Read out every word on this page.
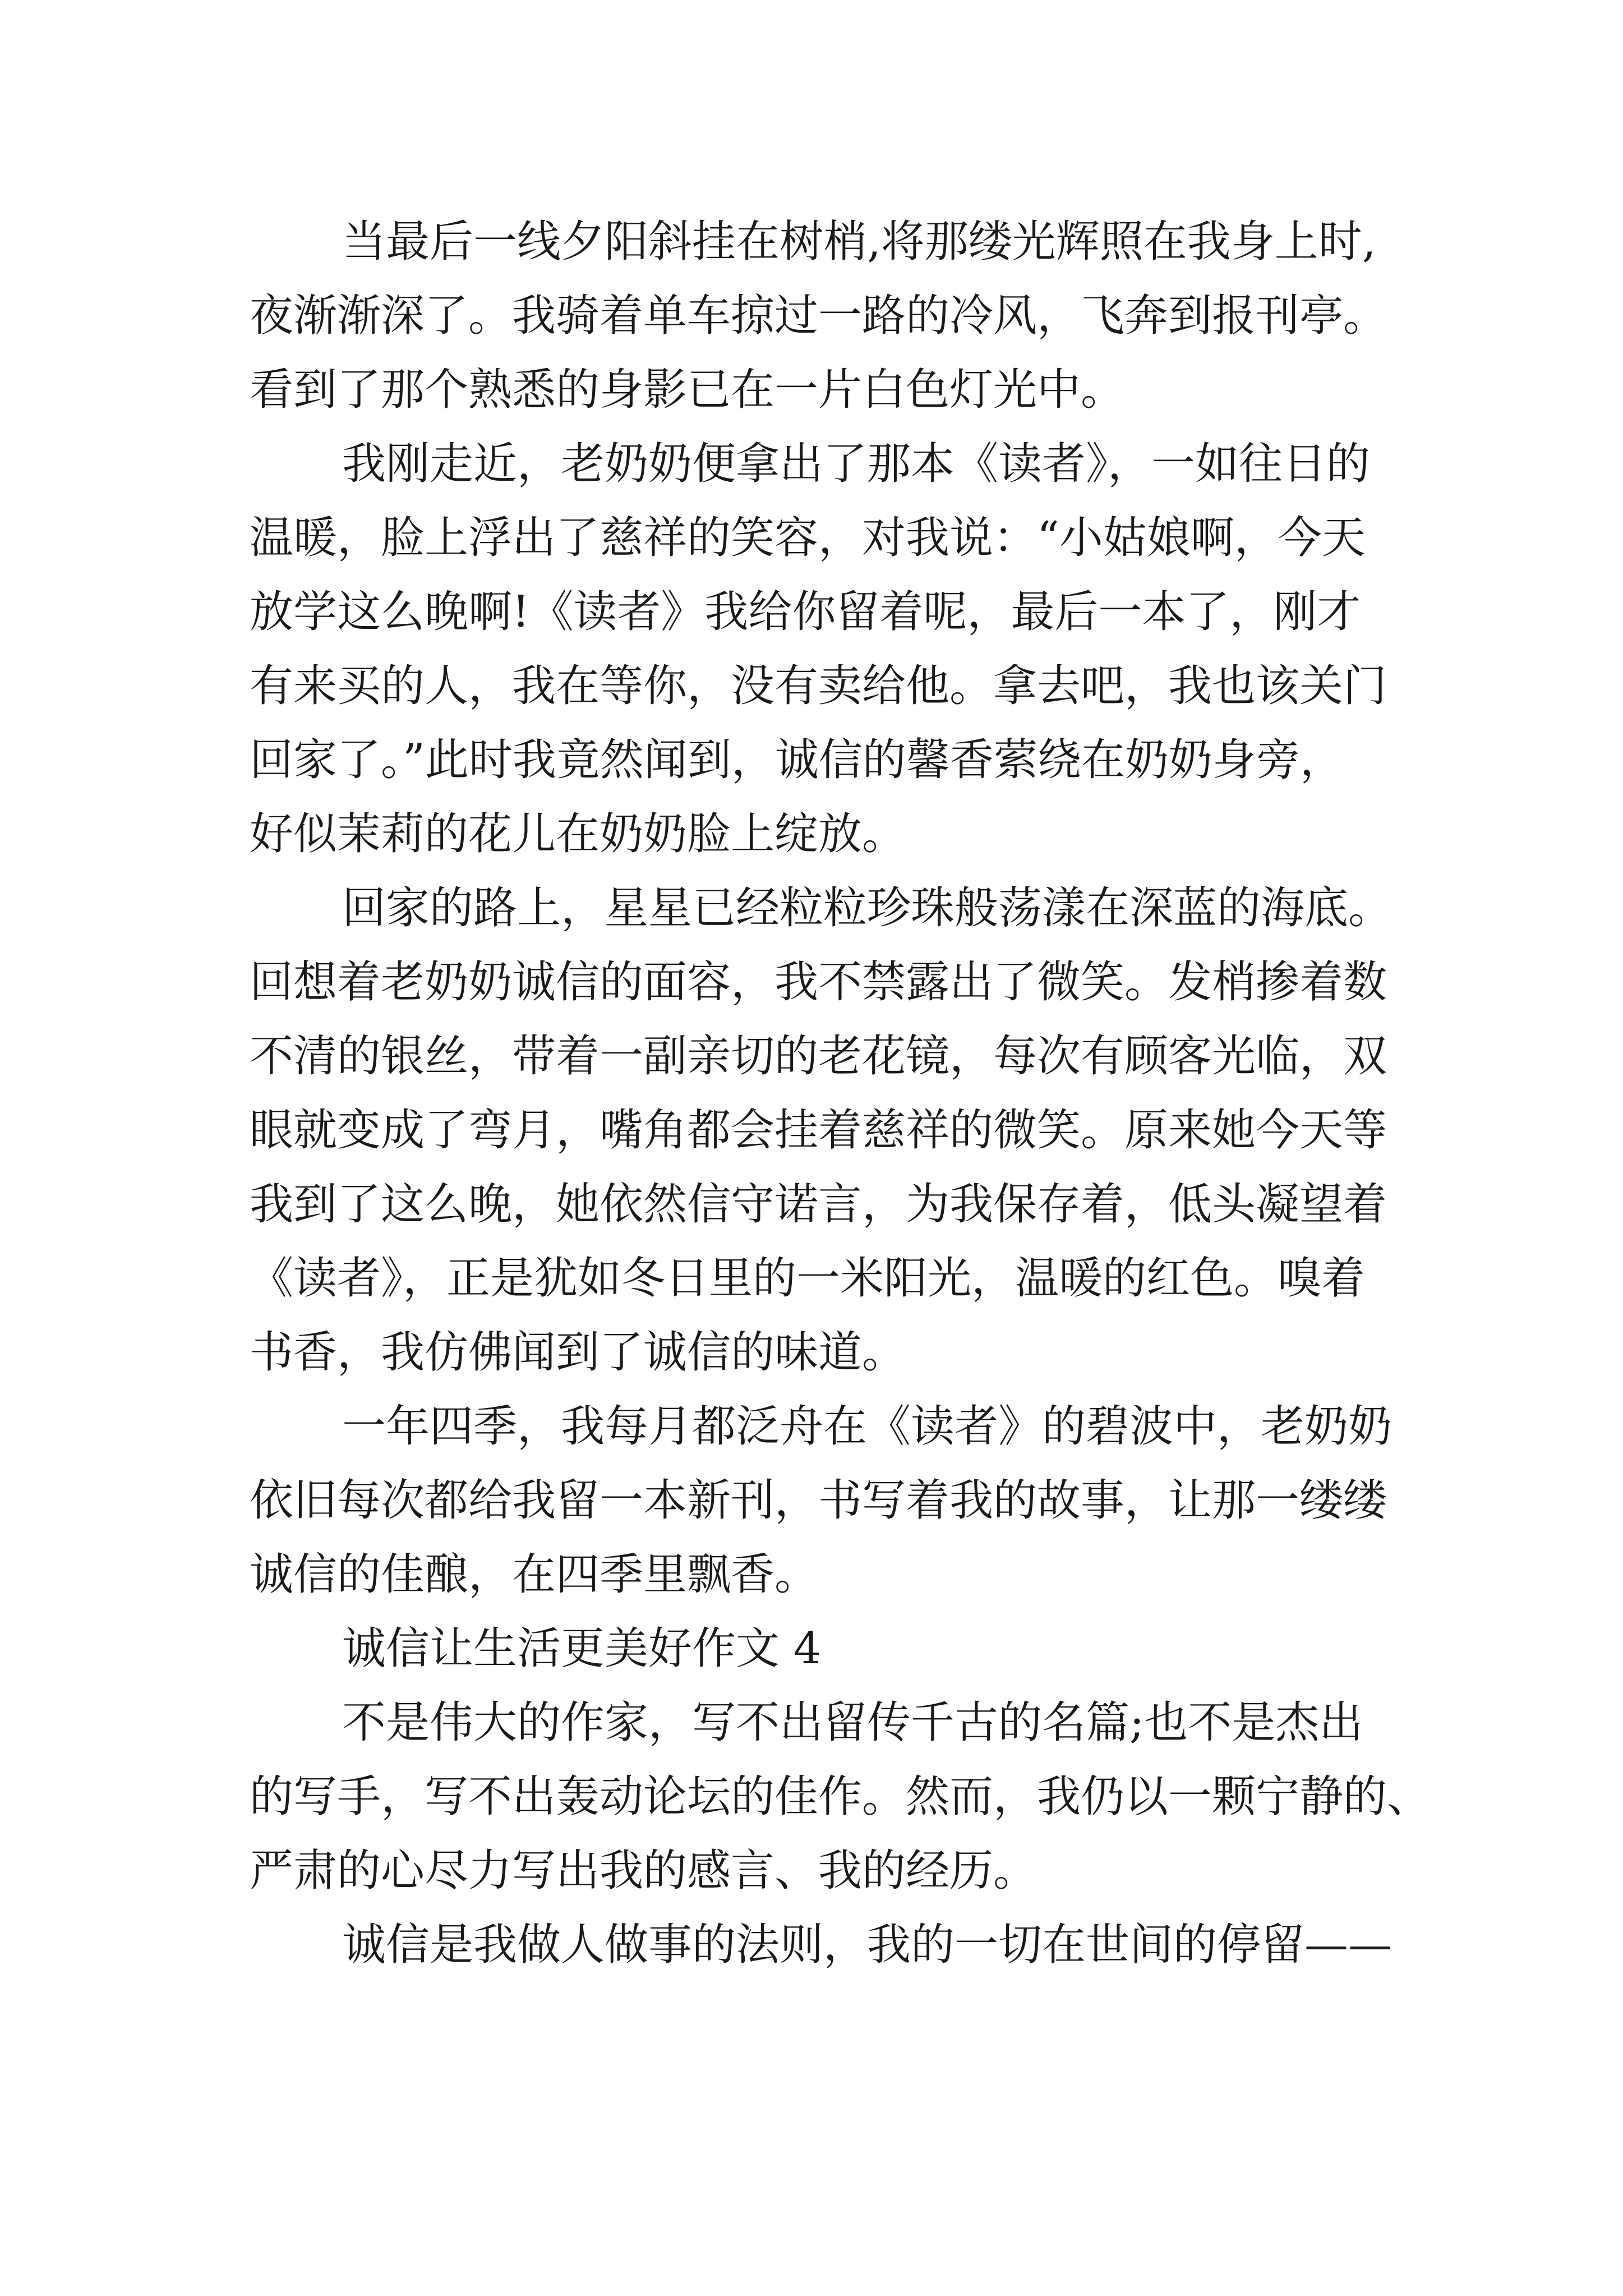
当最后一线夕阳斜挂在树梢,将那缕光辉照在我身上时,
夜渐渐深了。我骑着单车掠过一路的冷风，飞奔到报刊亭。
看到了那个熟悉的身影已在一片白色灯光中。
我刚走近，老奶奶便拿出了那本《读者》，一如往日的
温暖，脸上浮出了慈祥的笑容，对我说：“小姑娘啊，今天
放学这么晚啊!《读者》我给你留着呢，最后一本了，刚才
有来买的人，我在等你，没有卖给他。拿去吧，我也该关门
回家了。”此时我竟然闻到，诚信的馨香萦绕在奶奶身旁，
好似茉莉的花儿在奶奶脸上绽放。
回家的路上，星星已经粒粒珍珠般荡漾在深蓝的海底。
回想着老奶奶诚信的面容，我不禁露出了微笑。发梢掺着数
不清的银丝，带着一副亲切的老花镜，每次有顾客光临，双
眼就变成了弯月，嘴角都会挂着慈祥的微笑。原来她今天等
我到了这么晚，她依然信守诺言，为我保存着，低头凝望着
《读者》，正是犹如冬日里的一米阳光，温暖的红色。嗅着
书香，我仿佛闻到了诚信的味道。
一年四季，我每月都泛舟在《读者》的碧波中，老奶奶
依旧每次都给我留一本新刊，书写着我的故事，让那一缕缕
诚信的佳酿，在四季里飘香。
诚信让生活更美好作文 4
不是伟大的作家，写不出留传千古的名篇;也不是杰出
的写手，写不出轰动论坛的佳作。然而，我仍以一颗宁静的、
严肃的心尽力写出我的感言、我的经历。
诚信是我做人做事的法则，我的一切在世间的停留——
